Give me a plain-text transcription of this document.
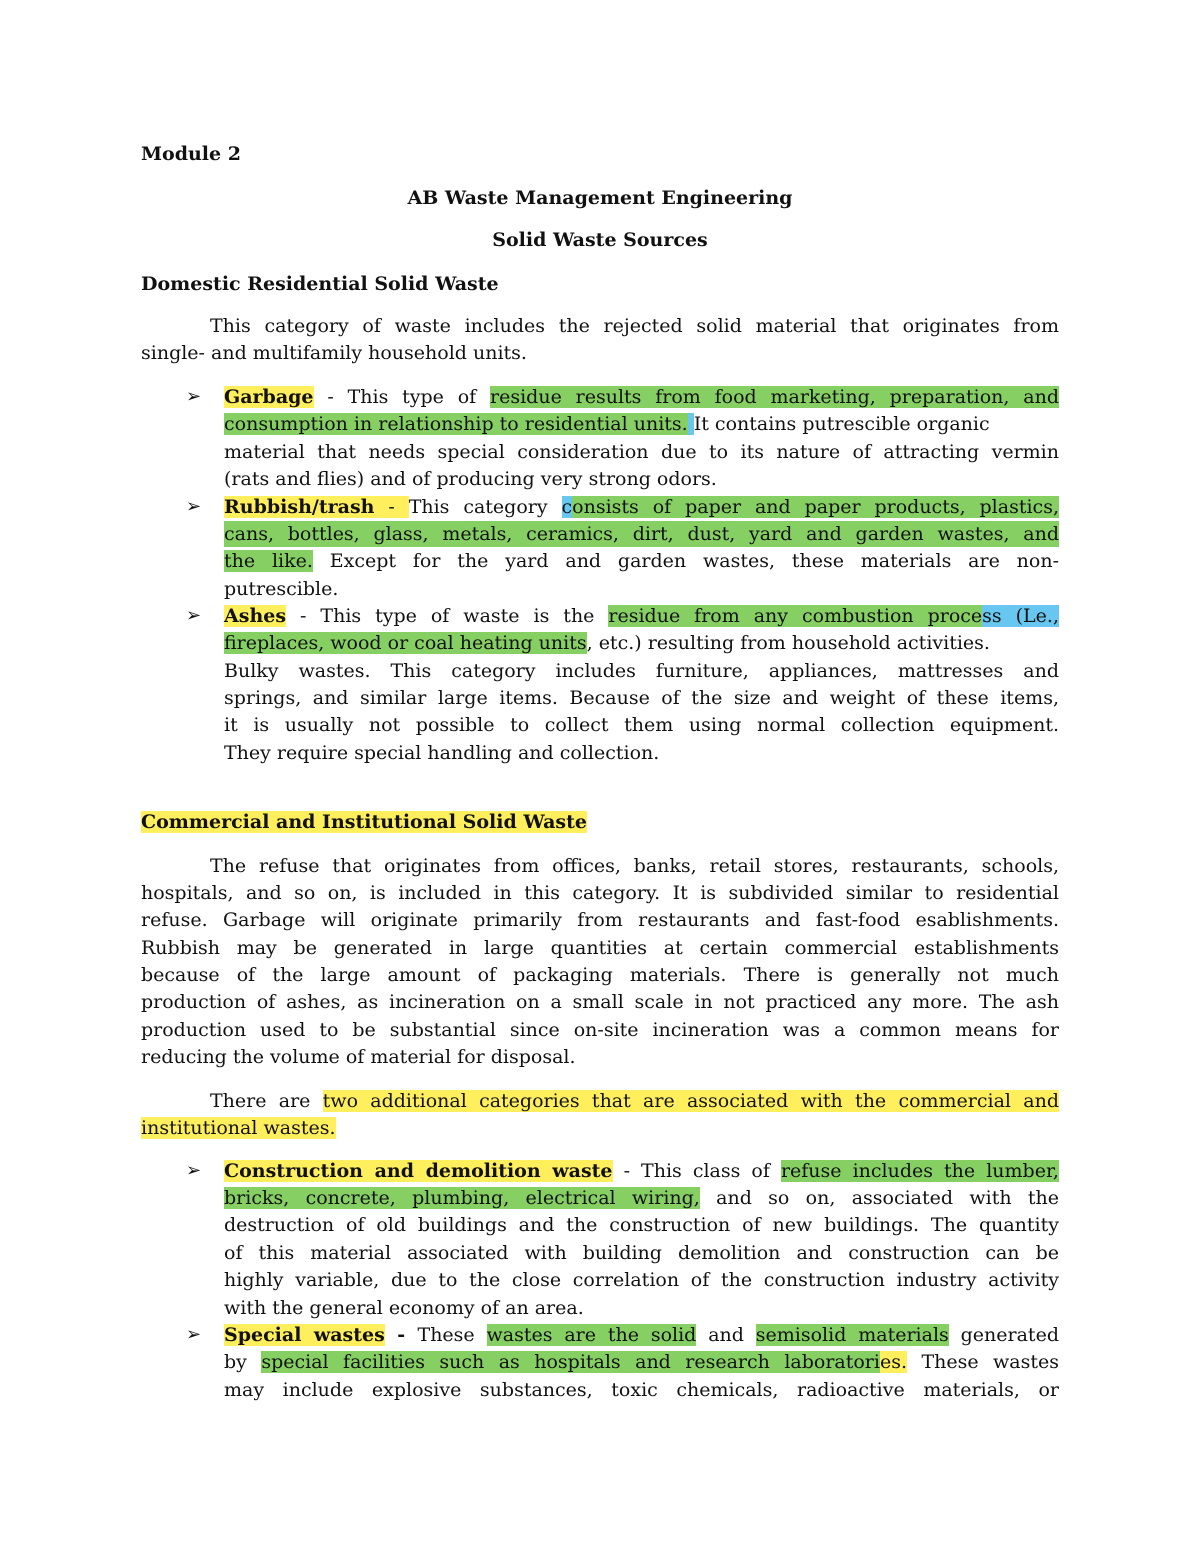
Module 2
AB Waste Management Engineering
Solid Waste Sources
Domestic Residential Solid Waste
This category of waste includes the rejected solid material that originates from
single- and multifamily household units.
➢ Garbage - This type of residue results from food marketing, preparation, and
consumption in relationship to residential units. It contains putrescible organic
material that needs special consideration due to its nature of attracting vermin
(rats and flies) and of producing very strong odors.
➢ Rubbish/trash - This category consists of paper and paper products, plastics,
cans, bottles, glass, metals, ceramics, dirt, dust, yard and garden wastes, and
the like. Except for the yard and garden wastes, these materials are non-
putrescible.
➢ Ashes - This type of waste is the residue from any combustion process (Le.,
fireplaces, wood or coal heating units, etc.) resulting from household activities.
Bulky wastes. This category includes furniture, appliances, mattresses and
springs, and similar large items. Because of the size and weight of these items,
it is usually not possible to collect them using normal collection equipment.
They require special handling and collection.
Commercial and Institutional Solid Waste
The refuse that originates from offices, banks, retail stores, restaurants, schools,
hospitals, and so on, is included in this category. It is subdivided similar to residential
refuse. Garbage will originate primarily from restaurants and fast-food esablishments.
Rubbish may be generated in large quantities at certain commercial establishments
because of the large amount of packaging materials. There is generally not much
production of ashes, as incineration on a small scale in not practiced any more. The ash
production used to be substantial since on-site incineration was a common means for
reducing the volume of material for disposal.
There are two additional categories that are associated with the commercial and
institutional wastes.
➢ Construction and demolition waste - This class of refuse includes the lumber,
bricks, concrete, plumbing, electrical wiring, and so on, associated with the
destruction of old buildings and the construction of new buildings. The quantity
of this material associated with building demolition and construction can be
highly variable, due to the close correlation of the construction industry activity
with the general economy of an area.
➢ Special wastes - These wastes are the solid and semisolid materials generated
by special facilities such as hospitals and research laboratories. These wastes
may include explosive substances, toxic chemicals, radioactive materials, or
